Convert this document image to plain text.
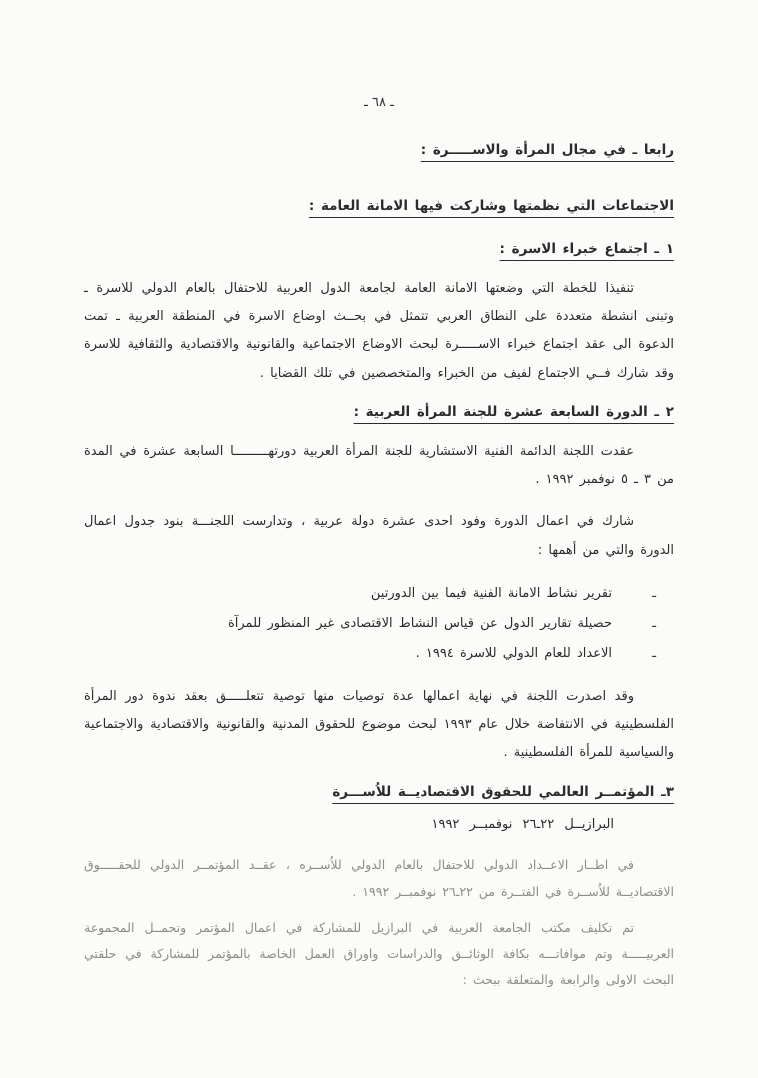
ـ ٦٨ ـ
رابعا ـ في مجال المرأة والاســـــرة :
الاجتماعات التي نظمتها وشاركت فيها الامانة العامة :
١ ـ اجتماع خبراء الاسرة :

تنفيذا للخطة التي وضعتها الامانة العامة لجامعة الدول العربية للاحتفال بالعام الدولي للاسرة ـ وتبنى انشطة متعددة على النطاق العربي تتمثل في بحــث اوضاع الاسرة في المنطقة العربية ـ تمت الدعوة الى عقد اجتماع خبراء الاســـــرة لبحث الاوضاع الاجتماعية والقانونية والاقتصادية والثقافية للاسرة وقد شارك فــي الاجتماع لفيف من الخبراء والمتخصصين في تلك القضايا .

٢ ـ الدورة السابعة عشرة للجنة المرأة العربية :

عقدت اللجنة الدائمة الفنية الاستشارية للجنة المرأة العربية دورتهـــــــــا السابعة عشرة في المدة من ٣ ـ ٥ نوفمبر ١٩٩٢ .

شارك في اعمال الدورة وفود احدى عشرة دولة عربية ، وتدارست اللجنـــة بنود جدول اعمال الدورة والتي من أهمها :

ـ
تقرير نشاط الامانة الفنية فيما بين الدورتين
ـ
حصيلة تقارير الدول عن قياس النشاط الاقتصادى غير المنظور للمرآة
ـ
الاعداد للعام الدولي للاسرة ١٩٩٤ .

وقد اصدرت اللجنة في نهاية اعمالها عدة توصيات منها توصية تتعلـــــق بعقد ندوة دور المرأة الفلسطينية في الانتفاضة خلال عام ١٩٩٣ لبحث موضوع للحقوق المدنية والقانونية والاقتصادية والاجتماعية والسياسية للمرأة الفلسطينية .

٣ـ المؤتمــر العالمي للحقوق الاقتصاديــة للاُســـرة
البرازيــل ٢٢ـ٢٦ نوفمبــر ١٩٩٢

في اطــار الاعــداد الدولي للاحتفال بالعام الدولي للاُســره ، عقــد المؤتمــر الدولي للحقـــــوق الاقتصاديــة للاُســرة في الفتــرة من ٢٢ـ٢٦ نوفمبــر ١٩٩٢ .

تم تكليف مكتب الجامعة العربية في البرازيل للمشاركة في اعمال المؤتمر وتحمــل المجموعة العربيـــــة وتم موافاتـــه بكافة الوثائــق والدراسات واوراق العمل الخاصة بالمؤتمر للمشاركة في حلقتي البحث الاولى والرابعة والمتعلقة ببحث :
